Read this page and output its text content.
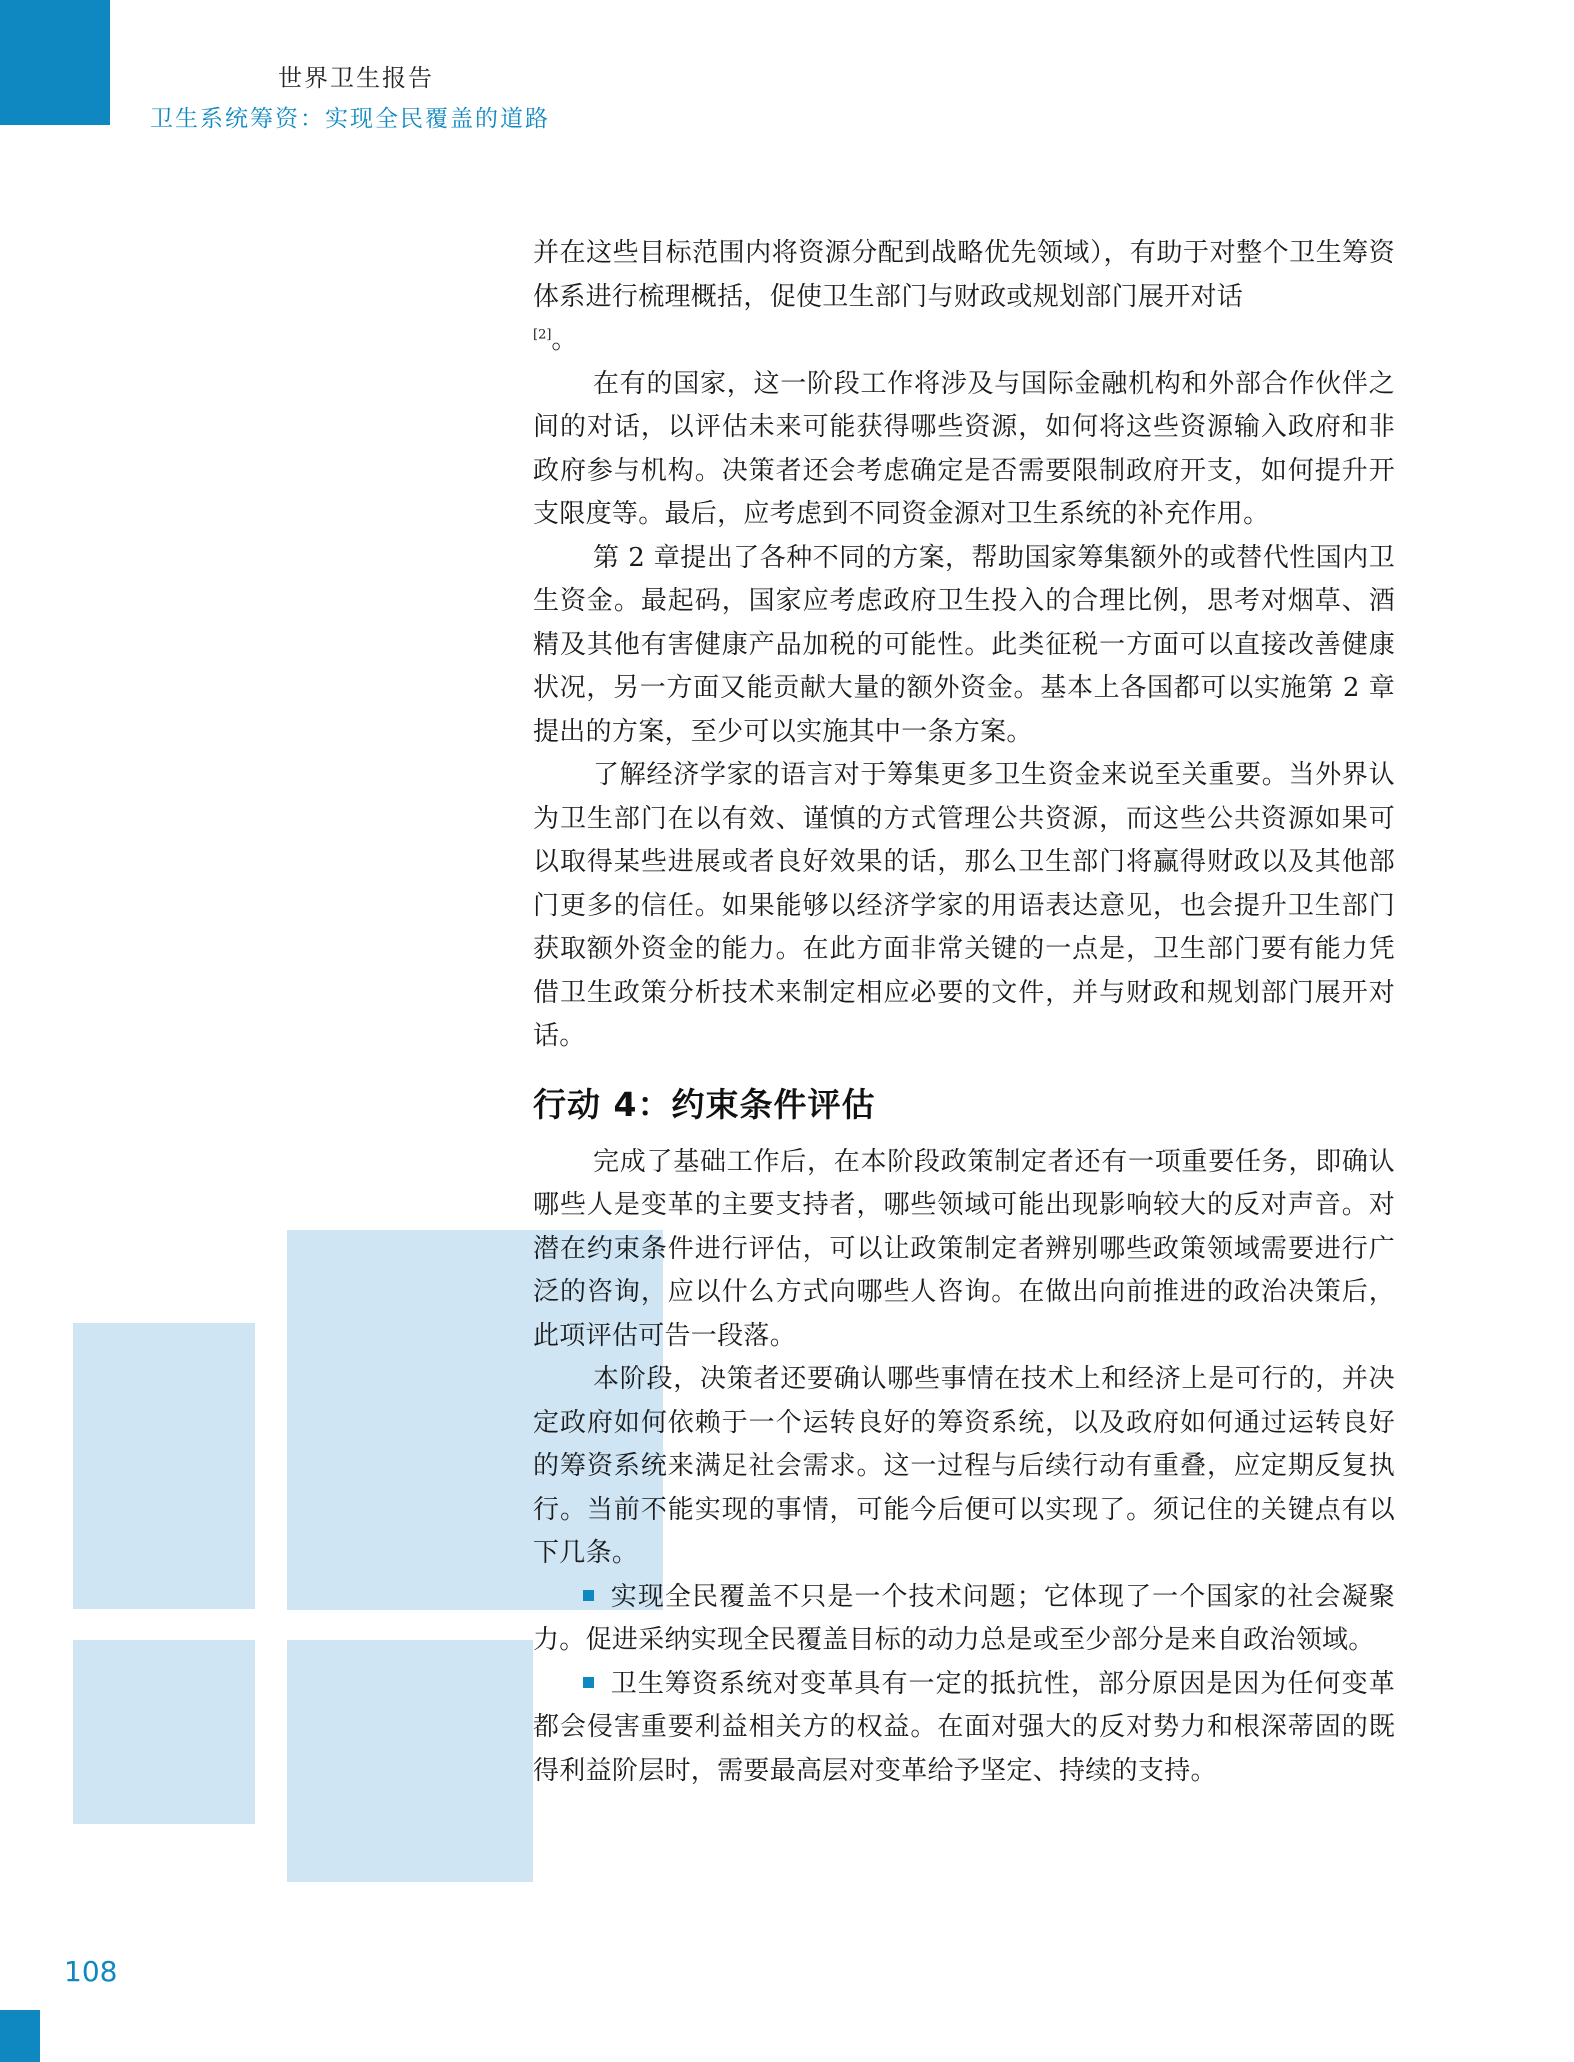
世界卫生报告
卫生系统筹资：实现全民覆盖的道路

并在这些目标范围内将资源分配到战略优先领域），有助于对整个卫生筹资体系进行梳理概括，促使卫生部门与财政或规划部门展开对话

[2]。

在有的国家，这一阶段工作将涉及与国际金融机构和外部合作伙伴之间的对话，以评估未来可能获得哪些资源，如何将这些资源输入政府和非政府参与机构。决策者还会考虑确定是否需要限制政府开支，如何提升开支限度等。最后，应考虑到不同资金源对卫生系统的补充作用。

第 2 章提出了各种不同的方案，帮助国家筹集额外的或替代性国内卫生资金。最起码，国家应考虑政府卫生投入的合理比例，思考对烟草、酒精及其他有害健康产品加税的可能性。此类征税一方面可以直接改善健康状况，另一方面又能贡献大量的额外资金。基本上各国都可以实施第 2 章提出的方案，至少可以实施其中一条方案。

了解经济学家的语言对于筹集更多卫生资金来说至关重要。当外界认为卫生部门在以有效、谨慎的方式管理公共资源，而这些公共资源如果可以取得某些进展或者良好效果的话，那么卫生部门将赢得财政以及其他部门更多的信任。如果能够以经济学家的用语表达意见，也会提升卫生部门获取额外资金的能力。在此方面非常关键的一点是，卫生部门要有能力凭借卫生政策分析技术来制定相应必要的文件，并与财政和规划部门展开对话。

行动 4：约束条件评估

完成了基础工作后，在本阶段政策制定者还有一项重要任务，即确认哪些人是变革的主要支持者，哪些领域可能出现影响较大的反对声音。对潜在约束条件进行评估，可以让政策制定者辨别哪些政策领域需要进行广泛的咨询，应以什么方式向哪些人咨询。在做出向前推进的政治决策后，此项评估可告一段落。

本阶段，决策者还要确认哪些事情在技术上和经济上是可行的，并决定政府如何依赖于一个运转良好的筹资系统，以及政府如何通过运转良好的筹资系统来满足社会需求。这一过程与后续行动有重叠，应定期反复执行。当前不能实现的事情，可能今后便可以实现了。须记住的关键点有以下几条。

实现全民覆盖不只是一个技术问题；它体现了一个国家的社会凝聚力。促进采纳实现全民覆盖目标的动力总是或至少部分是来自政治领域。

卫生筹资系统对变革具有一定的抵抗性，部分原因是因为任何变革都会侵害重要利益相关方的权益。在面对强大的反对势力和根深蒂固的既得利益阶层时，需要最高层对变革给予坚定、持续的支持。

108
